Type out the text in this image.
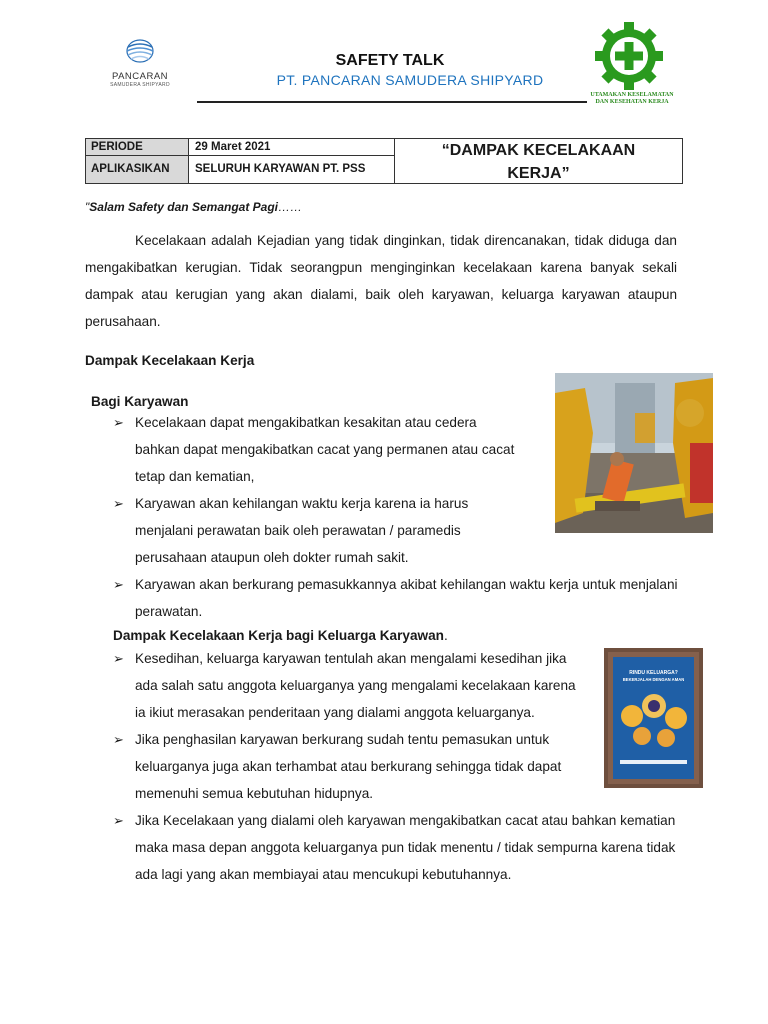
PANCARAN
SAMUDERA SHIPYARD
SAFETY TALK
PT. PANCARAN SAMUDERA SHIPYARD
UTAMAKAN KESELAMATAN
DAN KESEHATAN KERJA
PERIODE	29 Maret 2021
APLIKASIKAN	SELURUH KARYAWAN PT. PSS
“DAMPAK KECELAKAAN
KERJA”
"Salam Safety dan Semangat Pagi……
Kecelakaan adalah Kejadian yang tidak dinginkan, tidak direncanakan, tidak diduga dan mengakibatkan kerugian. Tidak seorangpun menginginkan kecelakaan karena banyak sekali dampak atau kerugian yang akan dialami, baik oleh karyawan, keluarga karyawan ataupun perusahaan.
Dampak Kecelakaan Kerja
Bagi Karyawan
➢ Kecelakaan dapat mengakibatkan kesakitan atau cedera bahkan dapat mengakibatkan cacat yang permanen atau cacat tetap dan kematian,
➢ Karyawan akan kehilangan waktu kerja karena ia harus menjalani perawatan baik oleh perawatan / paramedis perusahaan ataupun oleh dokter rumah sakit.
➢ Karyawan akan berkurang pemasukkannya akibat kehilangan waktu kerja untuk menjalani perawatan.
Dampak Kecelakaan Kerja bagi Keluarga Karyawan.
➢ Kesedihan, keluarga karyawan tentulah akan mengalami kesedihan jika ada salah satu anggota keluarganya yang mengalami kecelakaan karena ia ikiut merasakan penderitaan yang dialami anggota keluarganya.
➢ Jika penghasilan karyawan berkurang sudah tentu pemasukan untuk keluarganya juga akan terhambat atau berkurang sehingga tidak dapat memenuhi semua kebutuhan hidupnya.
➢ Jika Kecelakaan yang dialami oleh karyawan mengakibatkan cacat atau bahkan kematian maka masa depan anggota keluarganya pun tidak menentu / tidak sempurna karena tidak ada lagi yang akan membiayai atau mencukupi kebutuhannya.
RINDU KELUARGA?
BEKERJALAH DENGAN AMAN
